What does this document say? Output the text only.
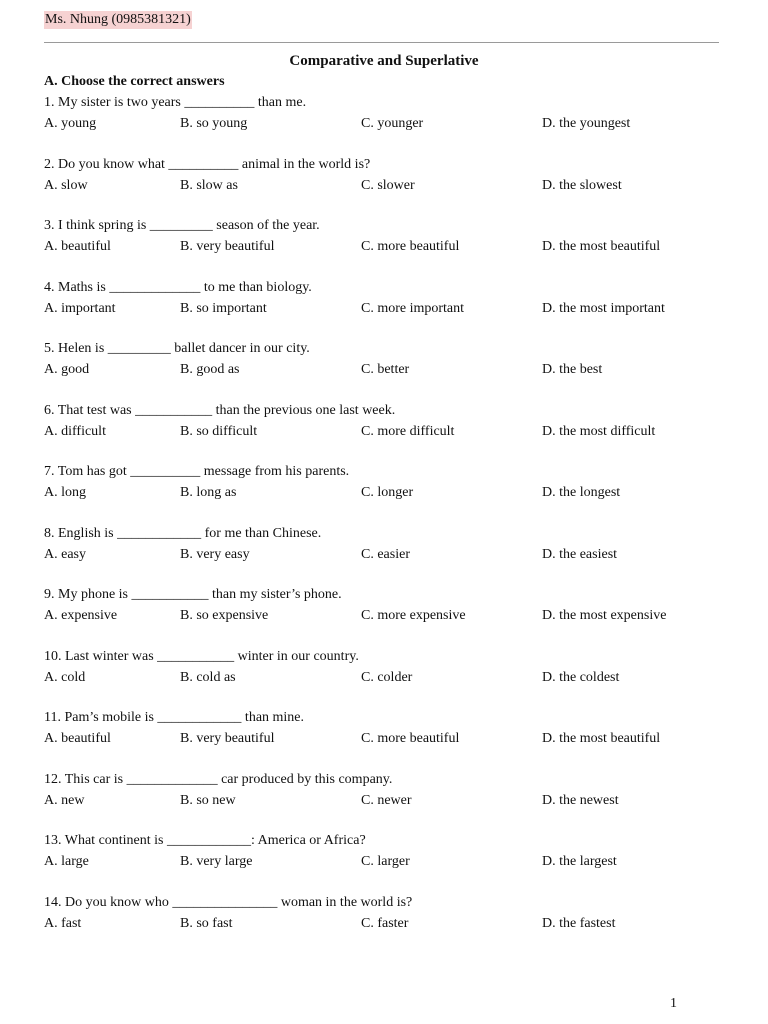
Ms. Nhung (0985381321)
Comparative and Superlative
A. Choose the correct answers
1. My sister is two years __________ than me.
A. young	B. so young	C. younger	D. the youngest
2. Do you know what __________ animal in the world is?
A. slow	B. slow as	C. slower	D. the slowest
3. I think spring is _________ season of the year.
A. beautiful	B. very beautiful	C. more beautiful	D. the most beautiful
4. Maths is _____________ to me than biology.
A. important	B. so important	C. more important	D. the most important
5. Helen is _________ ballet dancer in our city.
A. good	B. good as	C. better	D. the best
6. That test was ___________ than the previous one last week.
A. difficult	B. so difficult	C. more difficult	D. the most difficult
7. Tom has got __________ message from his parents.
A. long	B. long as	C. longer	D. the longest
8. English is ____________ for me than Chinese.
A. easy	B. very easy	C. easier	D. the easiest
9. My phone is ___________ than my sister’s phone.
A. expensive	B. so expensive	C. more expensive	D. the most expensive
10. Last winter was ___________ winter in our country.
A. cold	B. cold as	C. colder	D. the coldest
11. Pam’s mobile is ____________ than mine.
A. beautiful	B. very beautiful	C. more beautiful	D. the most beautiful
12. This car is _____________ car produced by this company.
A. new	B. so new	C. newer	D. the newest
13. What continent is ____________: America or Africa?
A. large	B. very large	C. larger	D. the largest
14. Do you know who _______________ woman in the world is?
A. fast	B. so fast	C. faster	D. the fastest
1
